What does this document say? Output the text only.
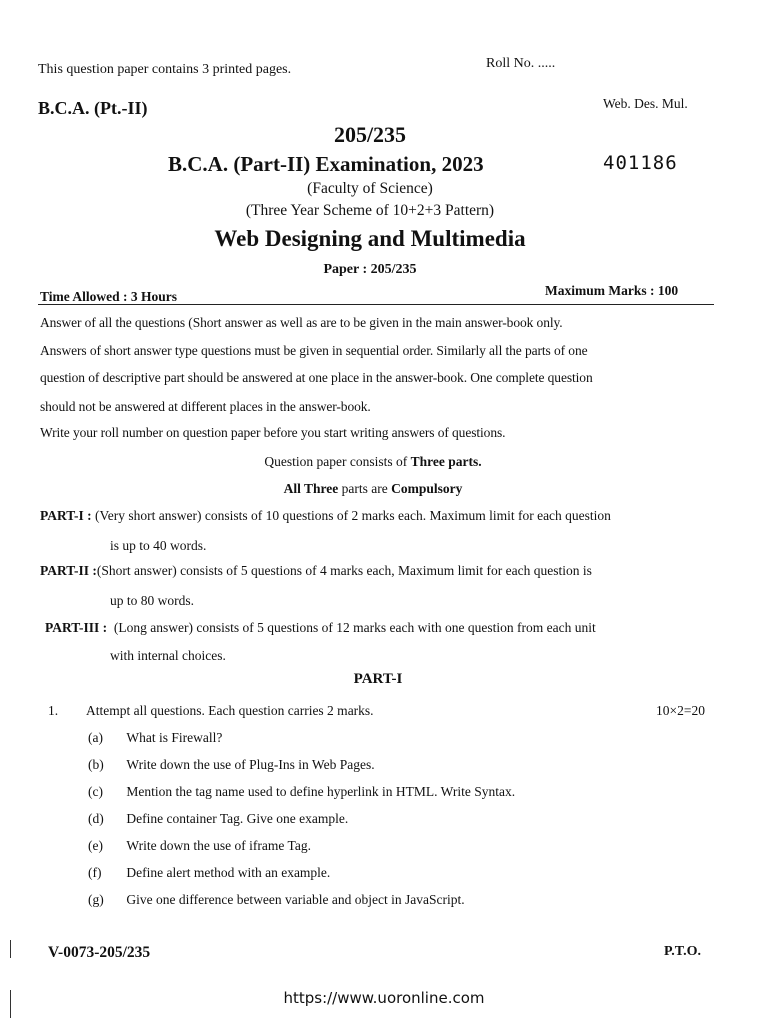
This question paper contains 3 printed pages.	Roll No. .....
B.C.A. (Pt.-II)	Web. Des. Mul.
205/235
B.C.A. (Part-II) Examination, 2023	401186
(Faculty of Science)
(Three Year Scheme of 10+2+3 Pattern)
Web Designing and Multimedia
Paper : 205/235
Time Allowed : 3 Hours	Maximum Marks : 100
Answer of all the questions (Short answer as well as are to be given in the main answer-book only.
Answers of short answer type questions must be given in sequential order. Similarly all the parts of one
question of descriptive part should be answered at one place in the answer-book. One complete question
should not be answered at different places in the answer-book.
Write your roll number on question paper before you start writing answers of questions.
Question paper consists of Three parts.
All Three parts are Compulsory
PART-I : (Very short answer) consists of 10 questions of 2 marks each. Maximum limit for each question
is up to 40 words.
PART-II :(Short answer) consists of 5 questions of 4 marks each, Maximum limit for each question is
up to 80 words.
PART-III : (Long answer) consists of 5 questions of 12 marks each with one question from each unit
with internal choices.
PART-I
1. Attempt all questions. Each question carries 2 marks.	10×2=20
(a) What is Firewall?
(b) Write down the use of Plug-Ins in Web Pages.
(c) Mention the tag name used to define hyperlink in HTML. Write Syntax.
(d) Define container Tag. Give one example.
(e) Write down the use of iframe Tag.
(f) Define alert method with an example.
(g) Give one difference between variable and object in JavaScript.
V-0073-205/235	P.T.O.
https://www.uoronline.com
